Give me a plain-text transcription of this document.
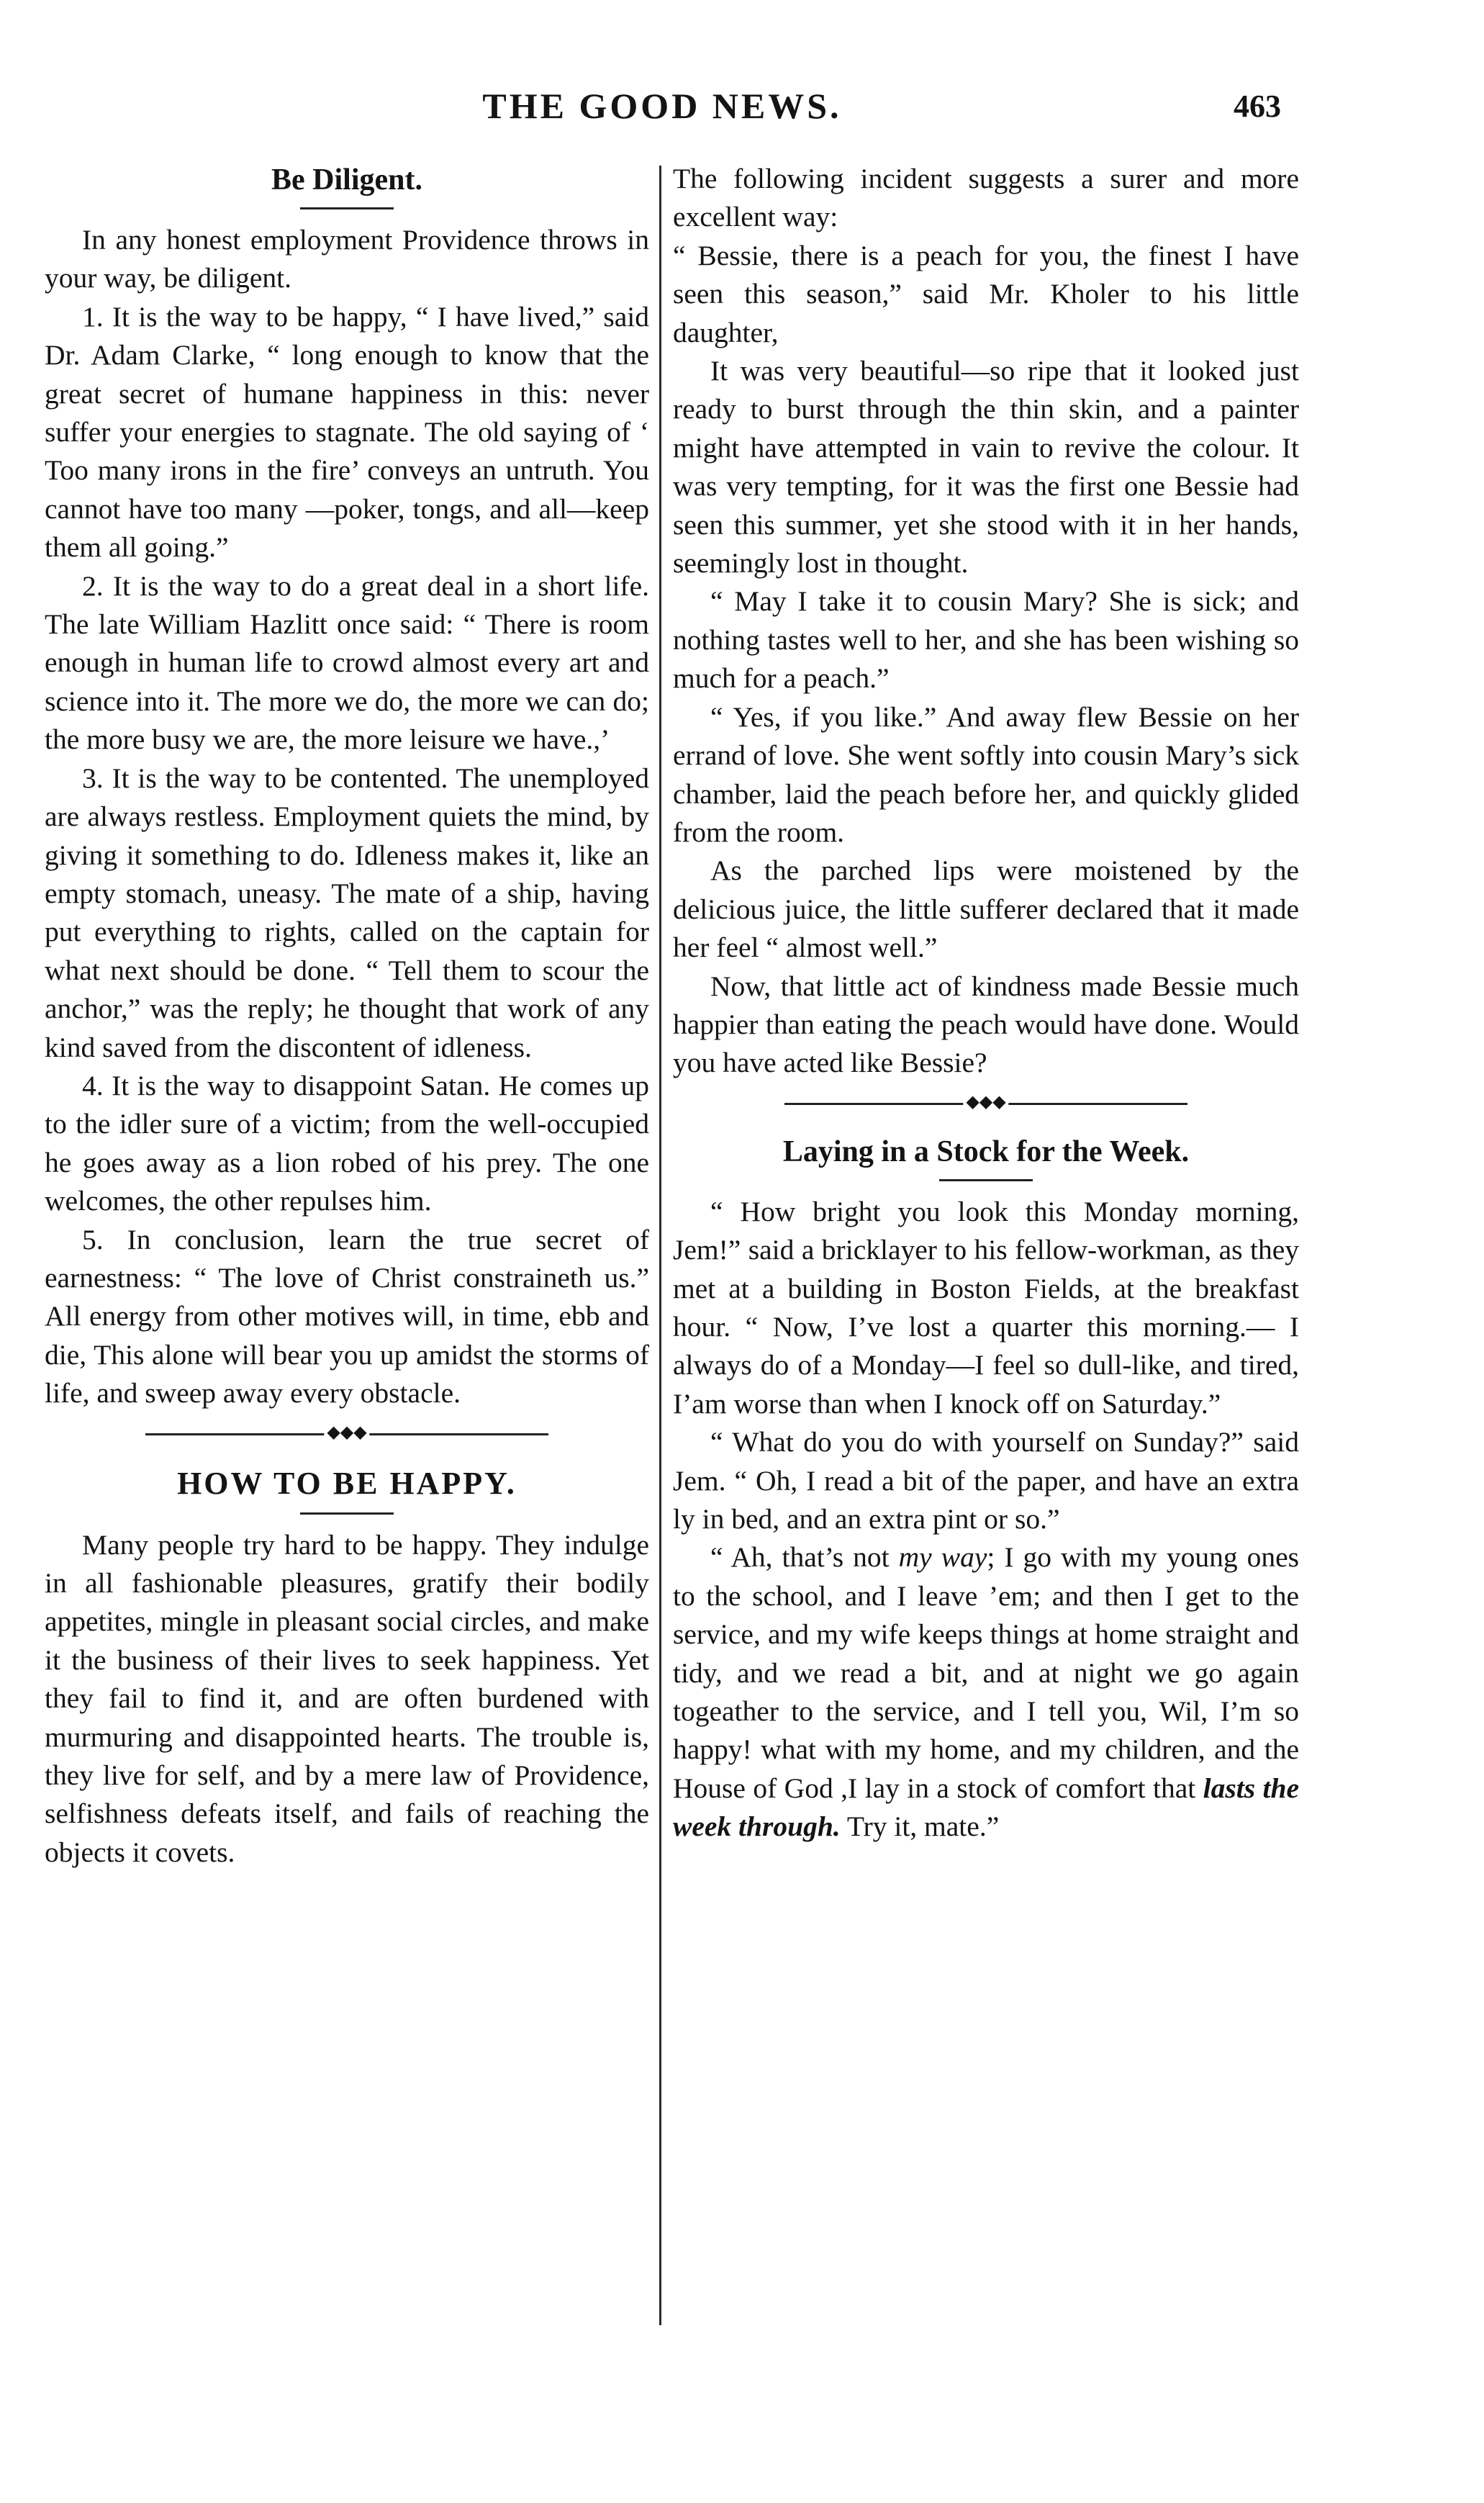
THE GOOD NEWS.	463
Be Diligent.

In any honest employment Providence throws in your way, be diligent.

1. It is the way to be happy, “ I have lived,” said Dr. Adam Clarke, “ long enough to know that the great secret of humane happiness in this: never suffer your energies to stagnate. The old saying of ‘ Too many irons in the fire’ conveys an untruth. You cannot have too many —poker, tongs, and all—keep them all going.”

2. It is the way to do a great deal in a short life. The late William Hazlitt once said: “ There is room enough in human life to crowd almost every art and science into it. The more we do, the more we can do; the more busy we are, the more leisure we have.,’

3. It is the way to be contented. The unemployed are always restless. Employment quiets the mind, by giving it something to do. Idleness makes it, like an empty stomach, uneasy. The mate of a ship, having put everything to rights, called on the captain for what next should be done. “ Tell them to scour the anchor,” was the reply; he thought that work of any kind saved from the discontent of idleness.

4. It is the way to disappoint Satan. He comes up to the idler sure of a victim; from the well-occupied he goes away as a lion robed of his prey. The one welcomes, the other repulses him.

5. In conclusion, learn the true secret of earnestness: “ The love of Christ constraineth us.” All energy from other motives will, in time, ebb and die, This alone will bear you up amidst the storms of life, and sweep away every obstacle.

◆◆◆
HOW TO BE HAPPY.

Many people try hard to be happy. They indulge in all fashionable pleasures, gratify their bodily appetites, mingle in pleasant social circles, and make it the business of their lives to seek happiness. Yet they fail to find it, and are often burdened with murmuring and disappointed hearts. The trouble is, they live for self, and by a mere law of Providence, selfishness defeats itself, and fails of reaching the objects it covets.

The following incident suggests a surer and more excellent way:

“ Bessie, there is a peach for you, the finest I have seen this season,” said Mr. Kholer to his little daughter,

It was very beautiful—so ripe that it looked just ready to burst through the thin skin, and a painter might have attempted in vain to revive the colour. It was very tempting, for it was the first one Bessie had seen this summer, yet she stood with it in her hands, seemingly lost in thought.

“ May I take it to cousin Mary? She is sick; and nothing tastes well to her, and she has been wishing so much for a peach.”

“ Yes, if you like.” And away flew Bessie on her errand of love. She went softly into cousin Mary’s sick chamber, laid the peach before her, and quickly glided from the room.

As the parched lips were moistened by the delicious juice, the little sufferer declared that it made her feel “ almost well.”

Now, that little act of kindness made Bessie much happier than eating the peach would have done. Would you have acted like Bessie?

◆◆◆
Laying in a Stock for the Week.

“ How bright you look this Monday morning, Jem!” said a bricklayer to his fellow-workman, as they met at a building in Boston Fields, at the breakfast hour. “ Now, I’ve lost a quarter this morning.— I always do of a Monday—I feel so dull-like, and tired, I’am worse than when I knock off on Saturday.”

“ What do you do with yourself on Sunday?” said Jem. “ Oh, I read a bit of the paper, and have an extra ly in bed, and an extra pint or so.”

“ Ah, that’s not my way; I go with my young ones to the school, and I leave ’em; and then I get to the service, and my wife keeps things at home straight and tidy, and we read a bit, and at night we go again togeather to the service, and I tell you, Wil, I’m so happy! what with my home, and my children, and the House of God ,I lay in a stock of comfort that lasts the week through. Try it, mate.”
